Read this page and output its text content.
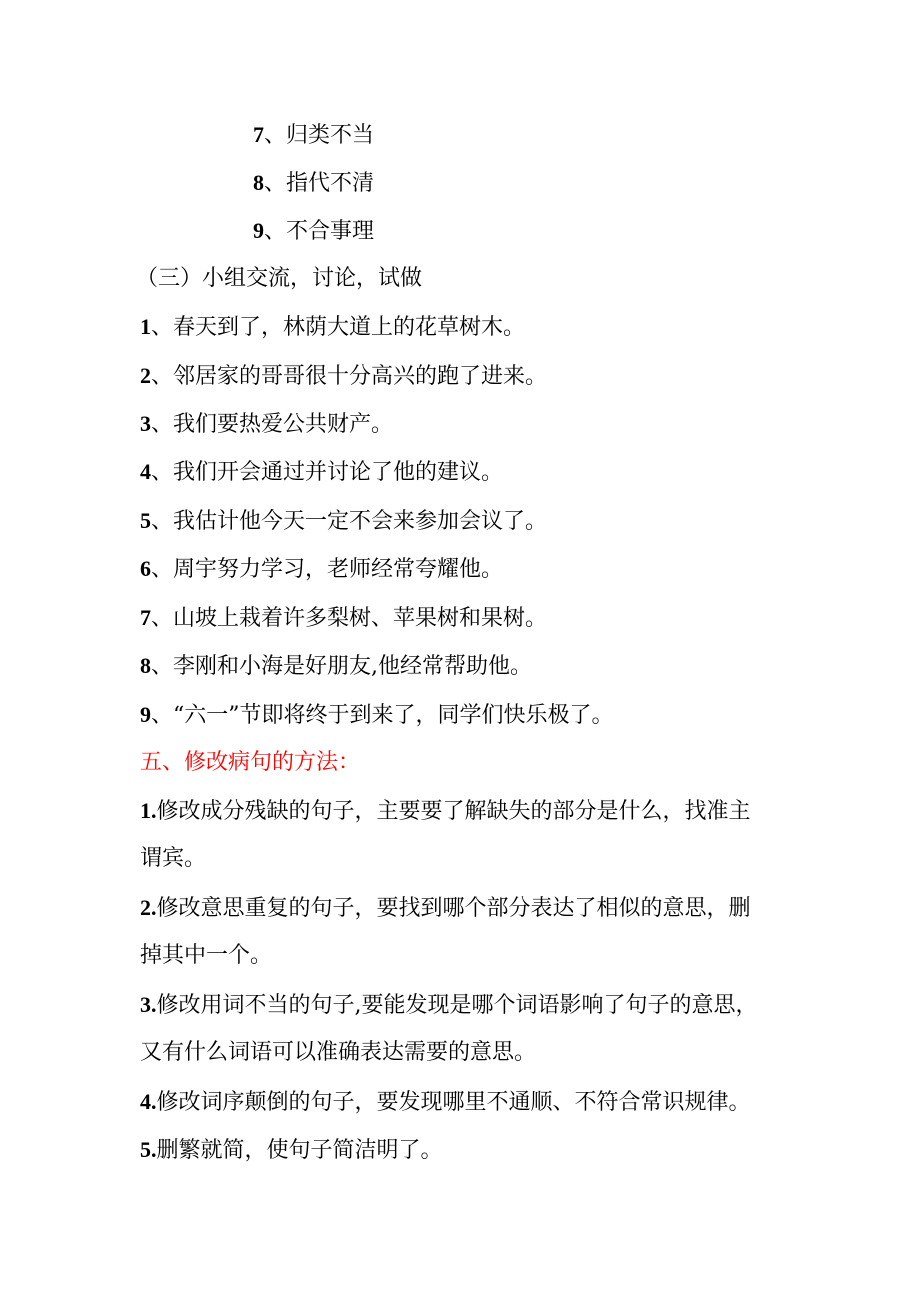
7、归类不当
8、指代不清
9、不合事理
（三）小组交流，讨论，试做
1、春天到了，林荫大道上的花草树木。
2、邻居家的哥哥很十分高兴的跑了进来。
3、我们要热爱公共财产。
4、我们开会通过并讨论了他的建议。
5、我估计他今天一定不会来参加会议了。
6、周宇努力学习，老师经常夸耀他。
7、山坡上栽着许多梨树、苹果树和果树。
8、李刚和小海是好朋友,他经常帮助他。
9、“六一”节即将终于到来了，同学们快乐极了。
五、修改病句的方法：
1.修改成分残缺的句子，主要要了解缺失的部分是什么，找准主
谓宾。
2.修改意思重复的句子，要找到哪个部分表达了相似的意思，删
掉其中一个。
3.修改用词不当的句子,要能发现是哪个词语影响了句子的意思，
又有什么词语可以准确表达需要的意思。
4.修改词序颠倒的句子，要发现哪里不通顺、不符合常识规律。
5.删繁就简，使句子简洁明了。
